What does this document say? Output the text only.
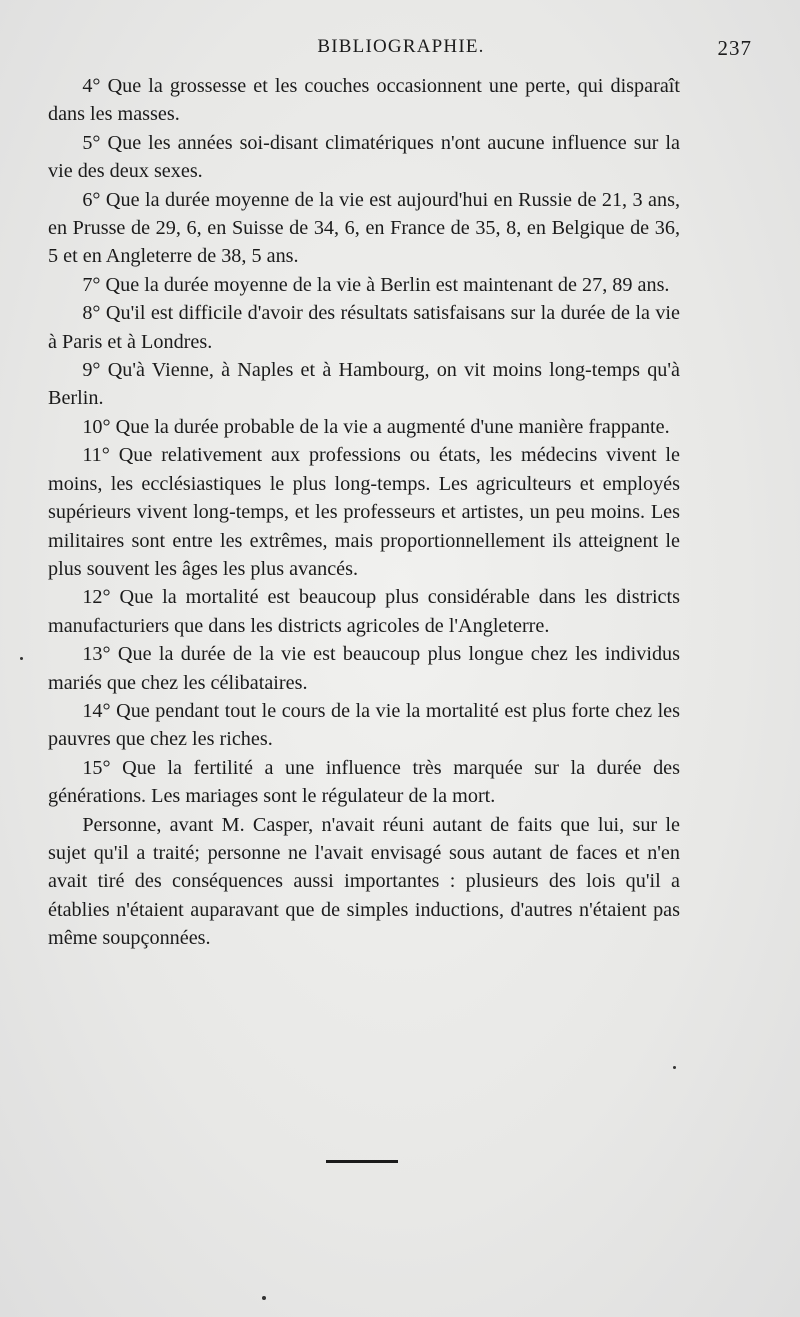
BIBLIOGRAPHIE.	237

4° Que la grossesse et les couches occasionnent une perte, qui disparaît dans les masses.

5° Que les années soi-disant climatériques n'ont aucune influence sur la vie des deux sexes.

6° Que la durée moyenne de la vie est aujourd'hui en Russie de 21, 3 ans, en Prusse de 29, 6, en Suisse de 34, 6, en France de 35, 8, en Belgique de 36, 5 et en Angleterre de 38, 5 ans.

7° Que la durée moyenne de la vie à Berlin est maintenant de 27, 89 ans.

8° Qu'il est difficile d'avoir des résultats satisfaisans sur la durée de la vie à Paris et à Londres.

9° Qu'à Vienne, à Naples et à Hambourg, on vit moins long-temps qu'à Berlin.

10° Que la durée probable de la vie a augmenté d'une manière frappante.

11° Que relativement aux professions ou états, les médecins vivent le moins, les ecclésiastiques le plus long-temps. Les agriculteurs et employés supérieurs vivent long-temps, et les professeurs et artistes, un peu moins. Les militaires sont entre les extrêmes, mais proportionnellement ils atteignent le plus souvent les âges les plus avancés.

12° Que la mortalité est beaucoup plus considérable dans les districts manufacturiers que dans les districts agricoles de l'Angleterre.

13° Que la durée de la vie est beaucoup plus longue chez les individus mariés que chez les célibataires.

14° Que pendant tout le cours de la vie la mortalité est plus forte chez les pauvres que chez les riches.

15° Que la fertilité a une influence très marquée sur la durée des générations. Les mariages sont le régulateur de la mort.

Personne, avant M. Casper, n'avait réuni autant de faits que lui, sur le sujet qu'il a traité; personne ne l'avait envisagé sous autant de faces et n'en avait tiré des conséquences aussi importantes : plusieurs des lois qu'il a établies n'étaient auparavant que de simples inductions, d'autres n'étaient pas même soupçonnées.
